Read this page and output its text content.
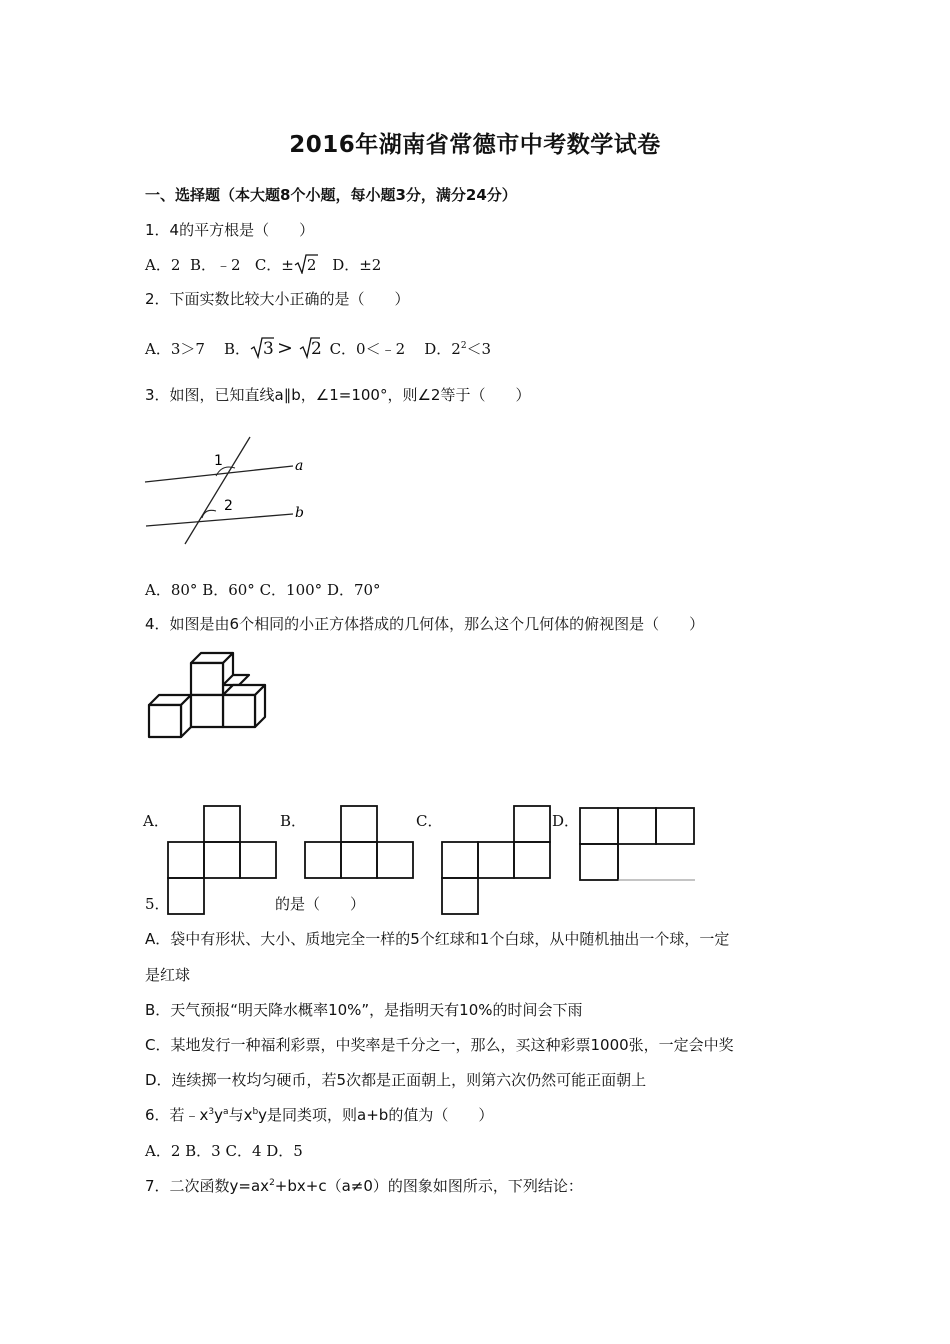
2016年湖南省常德市中考数学试卷
一、选择题（本大题8个小题，每小题3分，满分24分）
1．4的平方根是（　　）
A．2 B．﹣2 C．± 2 D．±2
2．下面实数比较大小正确的是（　　）
A．3＞7 B． 3 > 2 C．0＜﹣2 D．$2^2<3$
3．如图，已知直线a∥b，∠1=100°，则∠2等于（　　）
1
2
a
b
A．80° B．60° C．100° D．70°
4．如图是由6个相同的小正方体搭成的几何体，那么这个几何体的俯视图是（　　）
A．	B．	C．	D．
5．	的是（　　）
A．袋中有形状、大小、质地完全一样的5个红球和1个白球，从中随机抽出一个球，一定
是红球
B．天气预报“明天降水概率10%”，是指明天有10%的时间会下雨
C．某地发行一种福利彩票，中奖率是千分之一，那么，买这种彩票1000张，一定会中奖
D．连续掷一枚均匀硬币，若5次都是正面朝上，则第六次仍然可能正面朝上
6．若$﹣x^3y^a$与$x^by$是同类项，则a+b的值为（　　）
A．2 B．3 C．4 D．5
7．二次函数$y=ax^2+bx+c(a\ne 0)$的图象如图所示，下列结论：
